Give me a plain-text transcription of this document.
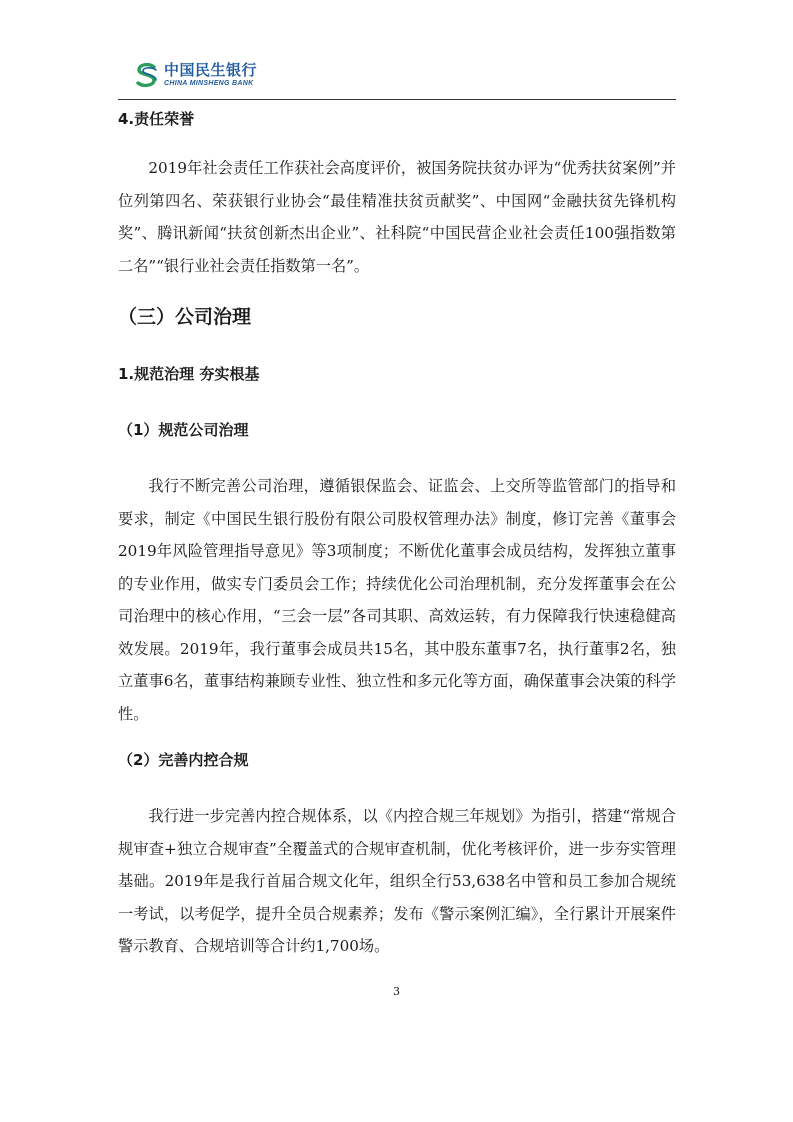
中国民生银行
CHINA MINSHENG BANK
4.责任荣誉
2019年社会责任工作获社会高度评价，被国务院扶贫办评为“优秀扶贫案例”并位列第四名、荣获银行业协会“最佳精准扶贫贡献奖”、中国网“金融扶贫先锋机构奖”、腾讯新闻“扶贫创新杰出企业”、社科院“中国民营企业社会责任100强指数第二名”“银行业社会责任指数第一名”。
（三）公司治理
1.规范治理 夯实根基
（1）规范公司治理
我行不断完善公司治理，遵循银保监会、证监会、上交所等监管部门的指导和要求，制定《中国民生银行股份有限公司股权管理办法》制度，修订完善《董事会2019年风险管理指导意见》等3项制度；不断优化董事会成员结构，发挥独立董事的专业作用，做实专门委员会工作；持续优化公司治理机制，充分发挥董事会在公司治理中的核心作用，“三会一层”各司其职、高效运转，有力保障我行快速稳健高效发展。2019年，我行董事会成员共15名，其中股东董事7名，执行董事2名，独立董事6名，董事结构兼顾专业性、独立性和多元化等方面，确保董事会决策的科学性。
（2）完善内控合规
我行进一步完善内控合规体系，以《内控合规三年规划》为指引，搭建“常规合规审查+独立合规审查”全覆盖式的合规审查机制，优化考核评价，进一步夯实管理基础。2019年是我行首届合规文化年，组织全行53,638名中管和员工参加合规统一考试，以考促学，提升全员合规素养；发布《警示案例汇编》，全行累计开展案件警示教育、合规培训等合计约1,700场。
3
